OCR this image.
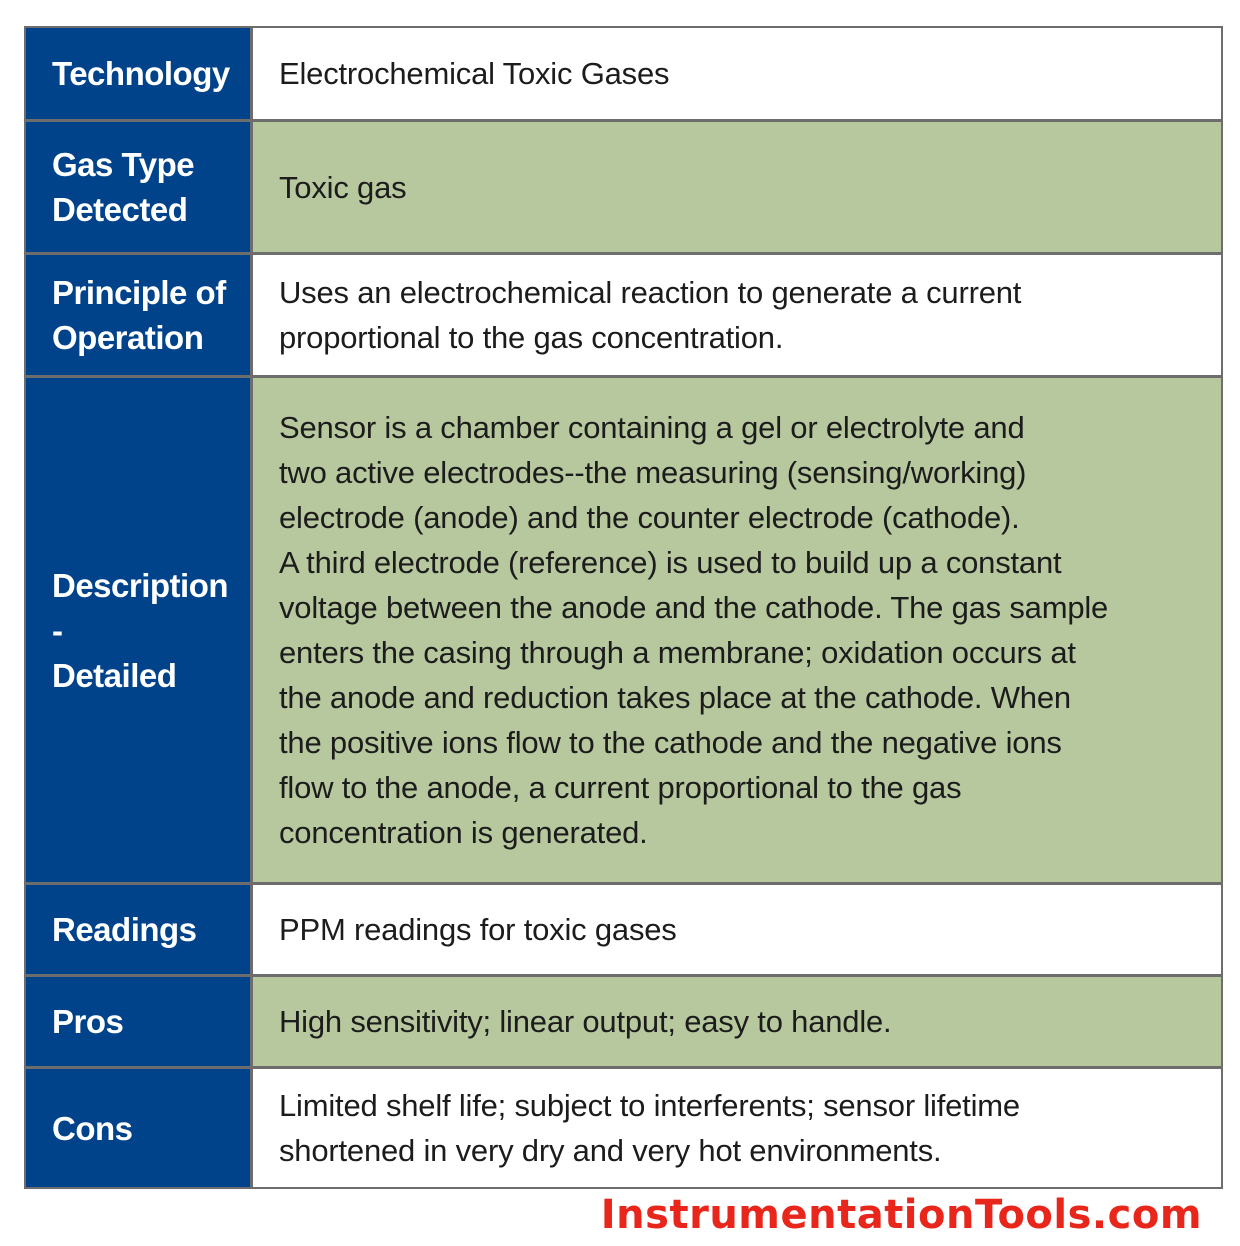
Technology Electrochemical Toxic Gases
Gas Type
Detected
Toxic gas
Principle of
Operation
Uses an electrochemical reaction to generate a current
proportional to the gas concentration.
Description -
Detailed
Sensor is a chamber containing a gel or electrolyte and
two active electrodes--the measuring (sensing/working)
electrode (anode) and the counter electrode (cathode).
A third electrode (reference) is used to build up a constant
voltage between the anode and the cathode. The gas sample
enters the casing through a membrane; oxidation occurs at
the anode and reduction takes place at the cathode. When
the positive ions flow to the cathode and the negative ions
flow to the anode, a current proportional to the gas
concentration is generated.
Readings	PPM readings for toxic gases
Pros	High sensitivity; linear output; easy to handle.
Cons
Limited shelf life; subject to interferents; sensor lifetime
shortened in very dry and very hot environments.
InstrumentationTools.com
